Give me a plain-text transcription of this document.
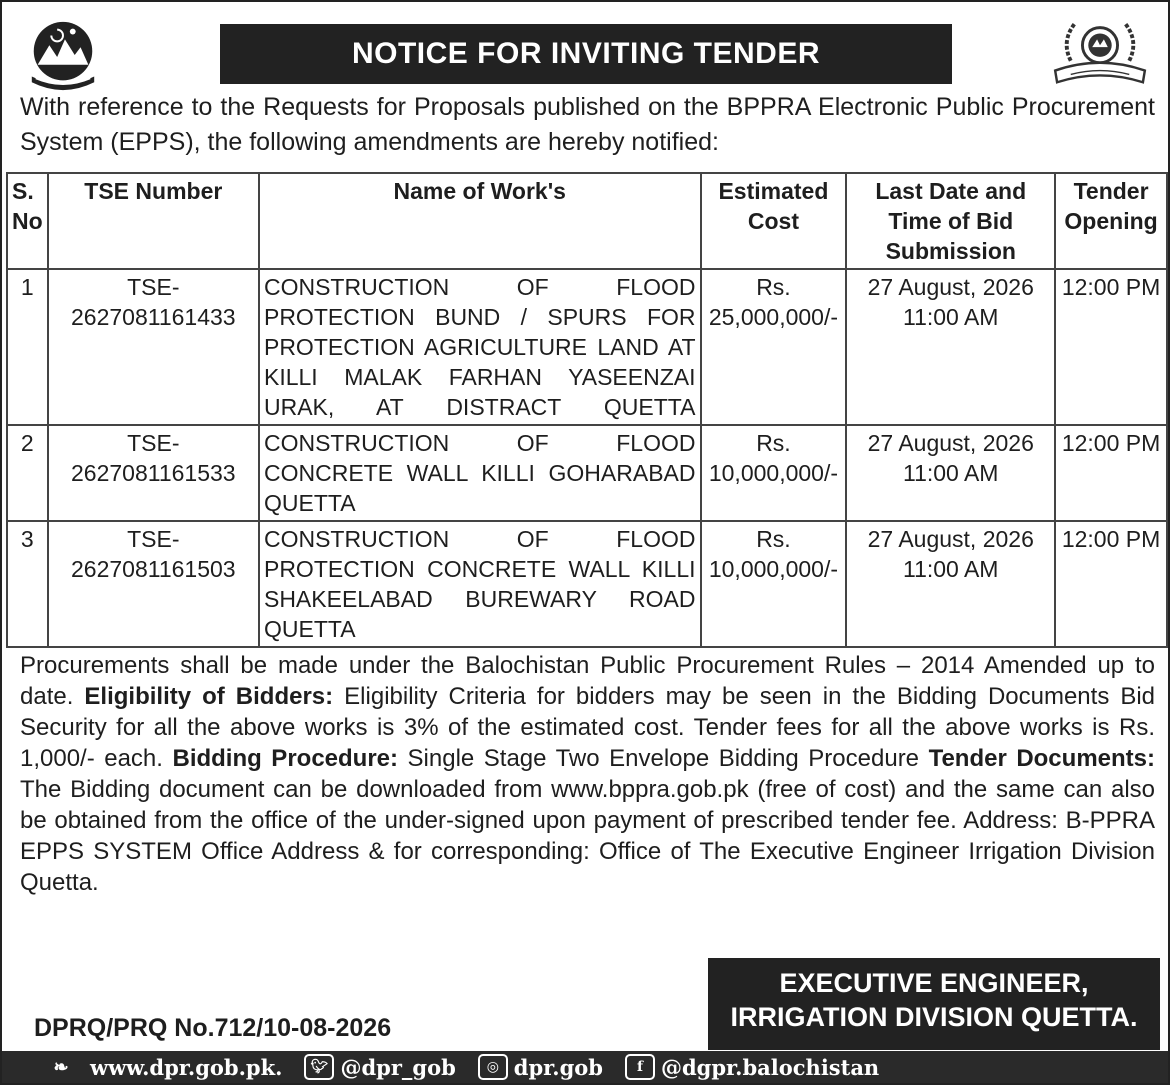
NOTICE FOR INVITING TENDER
With reference to the Requests for Proposals published on the BPPRA Electronic Public Procurement System (EPPS), the following amendments are hereby notified:
S. No	TSE Number	Name of Work's	Estimated Cost	Last Date and Time of Bid Submission	Tender Opening
1	TSE-2627081161433	CONSTRUCTION OF FLOOD PROTECTION BUND / SPURS FOR PROTECTION AGRICULTURE LAND AT KILLI MALAK FARHAN YASEENZAI URAK, AT DISTRACT QUETTA	Rs. 25,000,000/-	27 August, 2026 11:00 AM	12:00 PM
2	TSE-2627081161533	CONSTRUCTION OF FLOOD CONCRETE WALL KILLI GOHARABAD QUETTA	Rs. 10,000,000/-	27 August, 2026 11:00 AM	12:00 PM
3	TSE-2627081161503	CONSTRUCTION OF FLOOD PROTECTION CONCRETE WALL KILLI SHAKEELABAD BUREWARY ROAD QUETTA	Rs. 10,000,000/-	27 August, 2026 11:00 AM	12:00 PM
Procurements shall be made under the Balochistan Public Procurement Rules – 2014 Amended up to date. Eligibility of Bidders: Eligibility Criteria for bidders may be seen in the Bidding Documents Bid Security for all the above works is 3% of the estimated cost. Tender fees for all the above works is Rs. 1,000/- each. Bidding Procedure: Single Stage Two Envelope Bidding Procedure Tender Documents: The Bidding document can be downloaded from www.bppra.gob.pk (free of cost) and the same can also be obtained from the office of the under-signed upon payment of prescribed tender fee. Address: B-PPRA EPPS SYSTEM Office Address & for corresponding: Office of The Executive Engineer Irrigation Division Quetta.
DPRQ/PRQ No.712/10-08-2026
EXECUTIVE ENGINEER,
IRRIGATION DIVISION QUETTA.
❧	www.dpr.gob.pk.	🐦︎ @dpr_gob	◎ dpr.gob	f @dgpr.balochistan
